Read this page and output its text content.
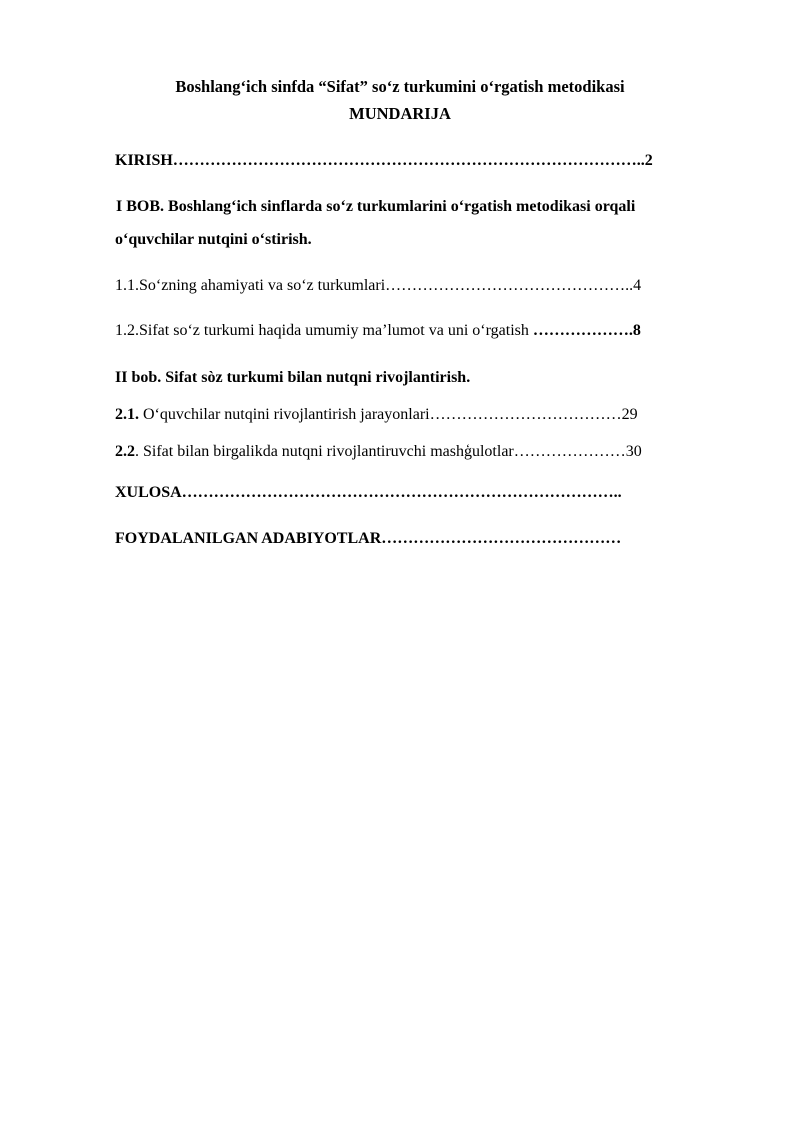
Boshlang‘ich sinfda “Sifat” so‘z turkumini o‘rgatish metodikasi
MUNDARIJA
KIRISH……………………………………………………………………………..2
I BOB. Boshlang‘ich sinflarda so‘z turkumlarini o‘rgatish metodikasi orqali
o‘quvchilar nutqini o‘stirish.
1.1.So‘zning ahamiyati va so‘z turkumlari………………………………………..4
1.2.Sifat so‘z turkumi haqida umumiy ma’lumot va uni o‘rgatish ……………….8
II bob. Sifat sòz turkumi bilan nutqni rivojlantirish.
2.1. O‘quvchilar nutqini rivojlantirish jarayonlari………………………………29
2.2. Sifat bilan birgalikda nutqni rivojlantiruvchi mashģulotlar…………………30
XULOSA………………………………………………………………………..
FOYDALANILGAN ADABIYOTLAR………………………………………
